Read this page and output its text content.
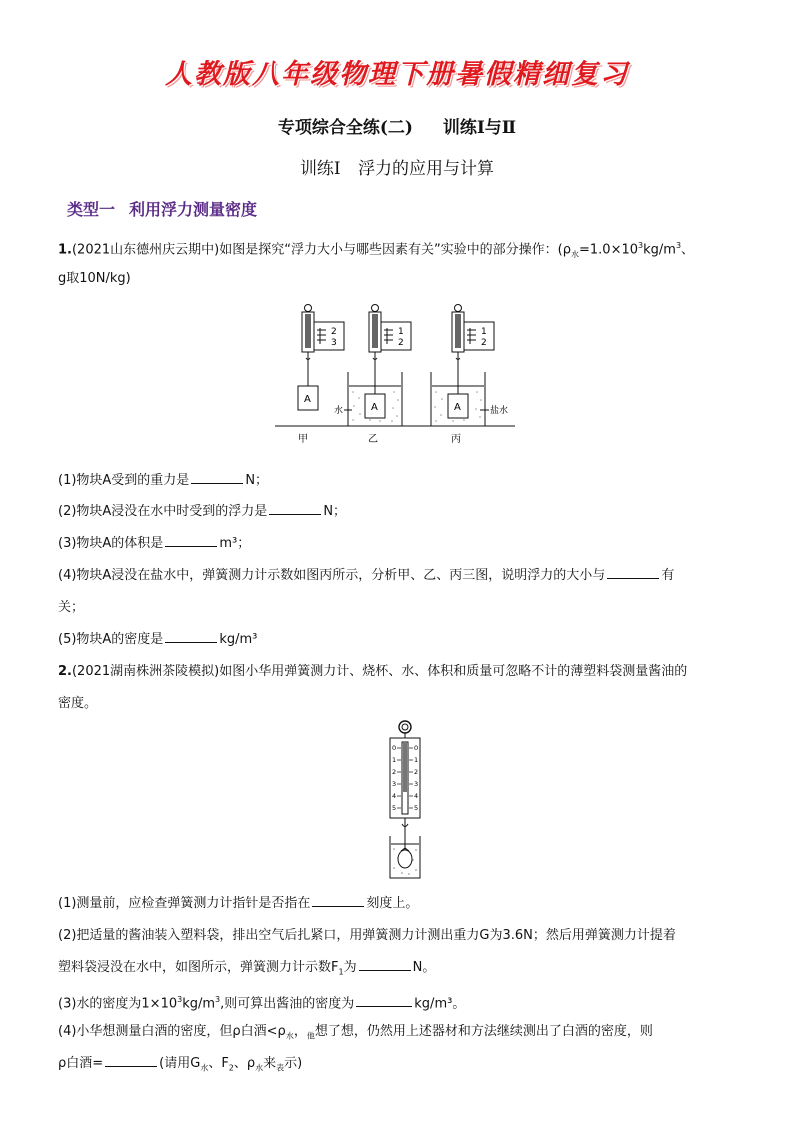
人教版八年级物理下册暑假精细复习
专项综合全练(二) 训练Ⅰ与Ⅱ
训练Ⅰ 浮力的应用与计算
类型一 利用浮力测量密度
1.(2021山东德州庆云期中)如图是探究“浮力大小与哪些因素有关”实验中的部分操作：($\rho_水=1.0\times 10^3kg/m^3$、
g取10N/kg)
2
3
A
甲
1
2
A
水
乙
1
2
A	盐水
丙
(1)物块A受到的重力是	N；
(2)物块A浸没在水中时受到的浮力是	N；
(3)物块A的体积是	m³；
(4)物块A浸没在盐水中，弹簧测力计示数如图丙所示，分析甲、乙、丙三图，说明浮力的大小与	有
关；
(5)物块A的密度是	kg/m³
2.(2021湖南株洲茶陵模拟)如图小华用弹簧测力计、烧杯、水、体积和质量可忽略不计的薄塑料袋测量酱油的
密度。
0
1
2
3
4
5
0
1
2
3
4
5
(1)测量前，应检查弹簧测力计指针是否指在	刻度上。
(2)把适量的酱油装入塑料袋，排出空气后扎紧口，用弹簧测力计测出重力G为3.6N；然后用弹簧测力计提着
塑料袋浸没在水中，如图所示，弹簧测力计示数$F_1$为	N。
(3)水的密度为$1\times 10^3kg/m^3$,则可算出酱油的密度为	kg/m³。
(4)小华想测量白酒的密度，但ρ白酒$<\rho_水$，$_他$想了想，仍然用上述器材和方法继续测出了白酒的密度，则
ρ白酒=	(请用$G_水$、$F_2$、$\rho_水$来$_表$示)
